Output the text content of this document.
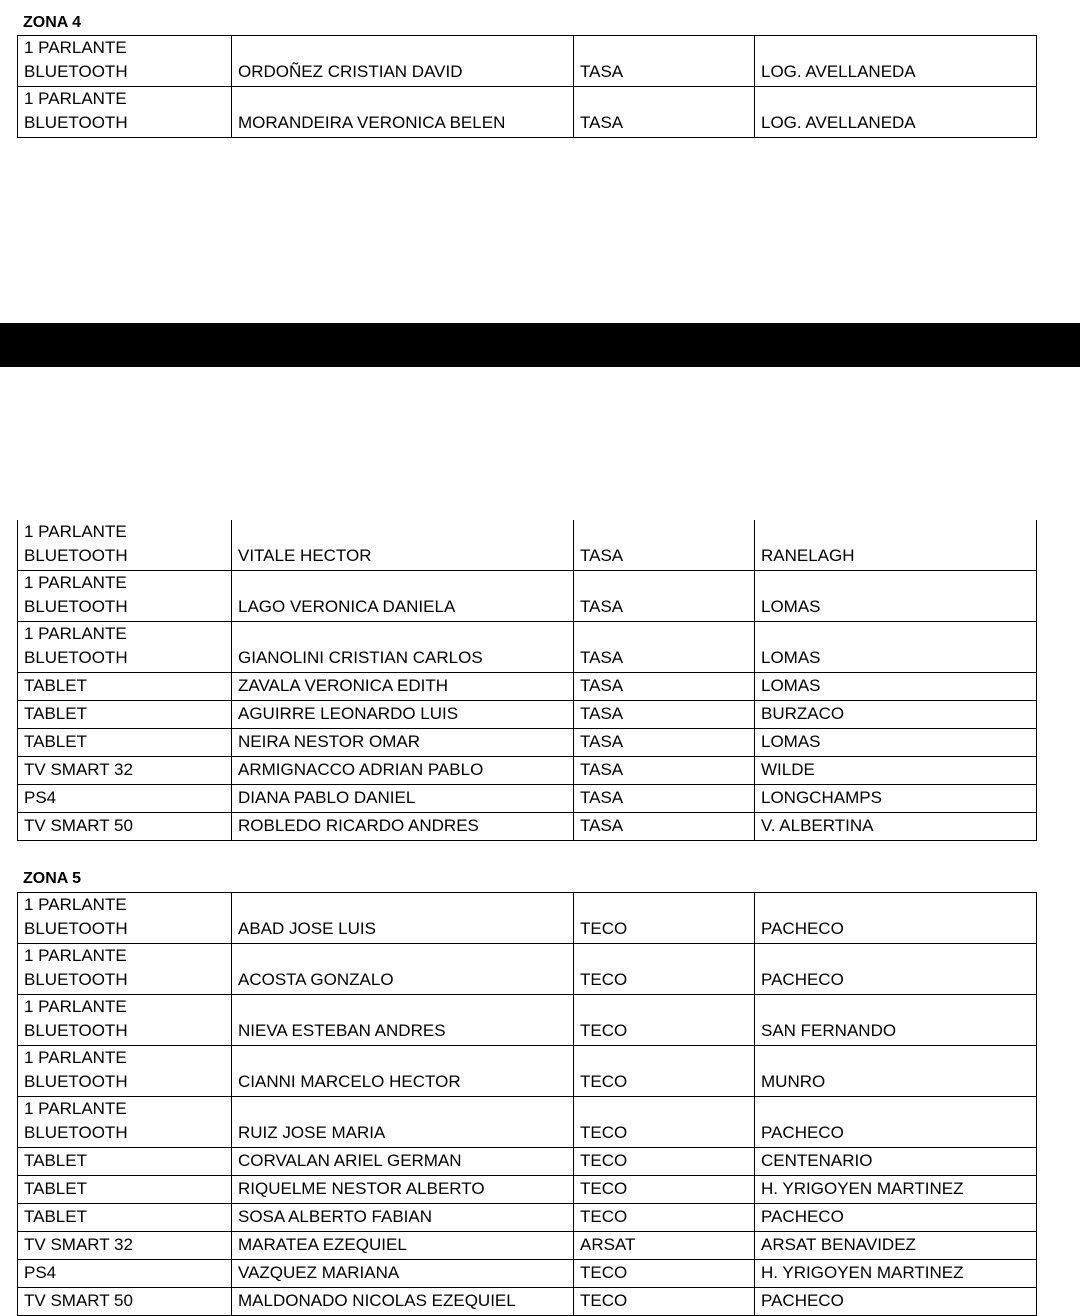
ZONA 4
1 PARLANTE
BLUETOOTH	ORDOÑEZ CRISTIAN DAVID	TASA	LOG. AVELLANEDA

1 PARLANTE
BLUETOOTH	MORANDEIRA VERONICA BELEN	TASA	LOG. AVELLANEDA
1 PARLANTE
BLUETOOTH	VITALE HECTOR	TASA	RANELAGH

1 PARLANTE
BLUETOOTH	LAGO VERONICA DANIELA	TASA	LOMAS

1 PARLANTE
BLUETOOTH	GIANOLINI CRISTIAN CARLOS	TASA	LOMAS

TABLET	ZAVALA VERONICA EDITH	TASA	LOMAS

TABLET	AGUIRRE LEONARDO LUIS	TASA	BURZACO

TABLET	NEIRA NESTOR OMAR	TASA	LOMAS

TV SMART 32	ARMIGNACCO ADRIAN PABLO	TASA	WILDE

PS4	DIANA PABLO DANIEL	TASA	LONGCHAMPS

TV SMART 50	ROBLEDO RICARDO ANDRES	TASA	V. ALBERTINA
ZONA 5
1 PARLANTE
BLUETOOTH	ABAD JOSE LUIS	TECO	PACHECO

1 PARLANTE
BLUETOOTH	ACOSTA GONZALO	TECO	PACHECO

1 PARLANTE
BLUETOOTH	NIEVA ESTEBAN ANDRES	TECO	SAN FERNANDO

1 PARLANTE
BLUETOOTH	CIANNI MARCELO HECTOR	TECO	MUNRO

1 PARLANTE
BLUETOOTH	RUIZ JOSE MARIA	TECO	PACHECO

TABLET	CORVALAN ARIEL GERMAN	TECO	CENTENARIO

TABLET	RIQUELME NESTOR ALBERTO	TECO	H. YRIGOYEN MARTINEZ

TABLET	SOSA ALBERTO FABIAN	TECO	PACHECO

TV SMART 32	MARATEA EZEQUIEL	ARSAT	ARSAT BENAVIDEZ

PS4	VAZQUEZ MARIANA	TECO	H. YRIGOYEN MARTINEZ

TV SMART 50	MALDONADO NICOLAS EZEQUIEL	TECO	PACHECO
